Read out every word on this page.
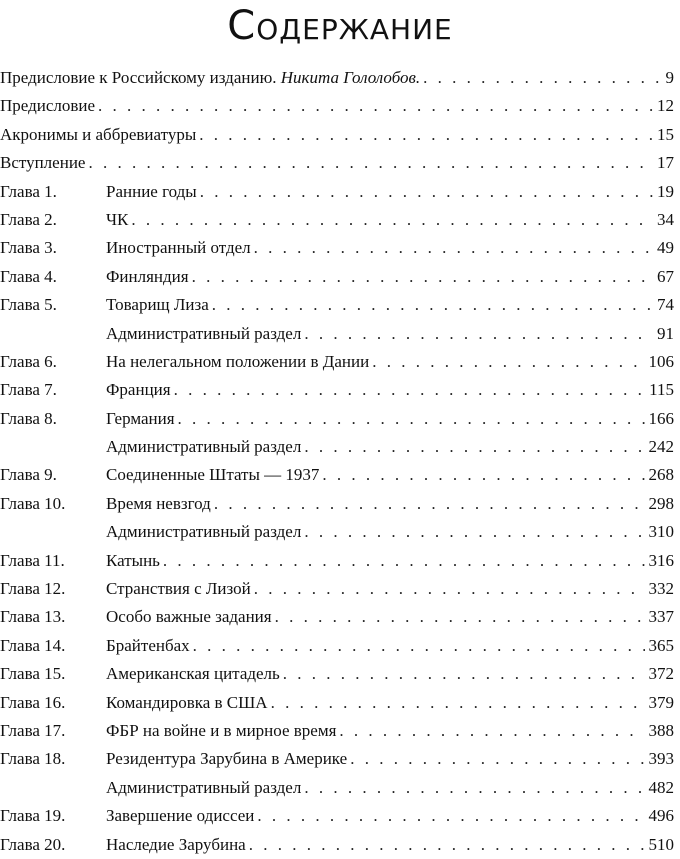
Содержание
Предисловие к Российскому изданию. Никита Гололобов. . . .	9
Предисловие . . .	12
Акронимы и аббревиатуры . . .	15
Вступление . . .	17
Глава 1.	Ранние годы . . .	19
Глава 2.	ЧК . . .	34
Глава 3.	Иностранный отдел . . .	49
Глава 4.	Финляндия . . .	67
Глава 5.	Товарищ Лиза . . .	74
Административный раздел . . .	91
Глава 6.	На нелегальном положении в Дании . . .	106
Глава 7.	Франция . . .	115
Глава 8.	Германия . . .	166
Административный раздел . . .	242
Глава 9.	Соединенные Штаты — 1937 . . .	268
Глава 10. Время невзгод . . .	298
Административный раздел . . .	310
Глава 11. Катынь . . .	316
Глава 12. Странствия с Лизой . . .	332
Глава 13. Особо важные задания . . .	337
Глава 14. Брайтенбах . . .	365
Глава 15. Американская цитадель . . .	372
Глава 16. Командировка в США . . .	379
Глава 17. ФБР на войне и в мирное время . . .	388
Глава 18. Резидентура Зарубина в Америке . . .	393
Административный раздел . . .	482
Глава 19. Завершение одиссеи . . .	496
Глава 20. Наследие Зарубина . . .	510
